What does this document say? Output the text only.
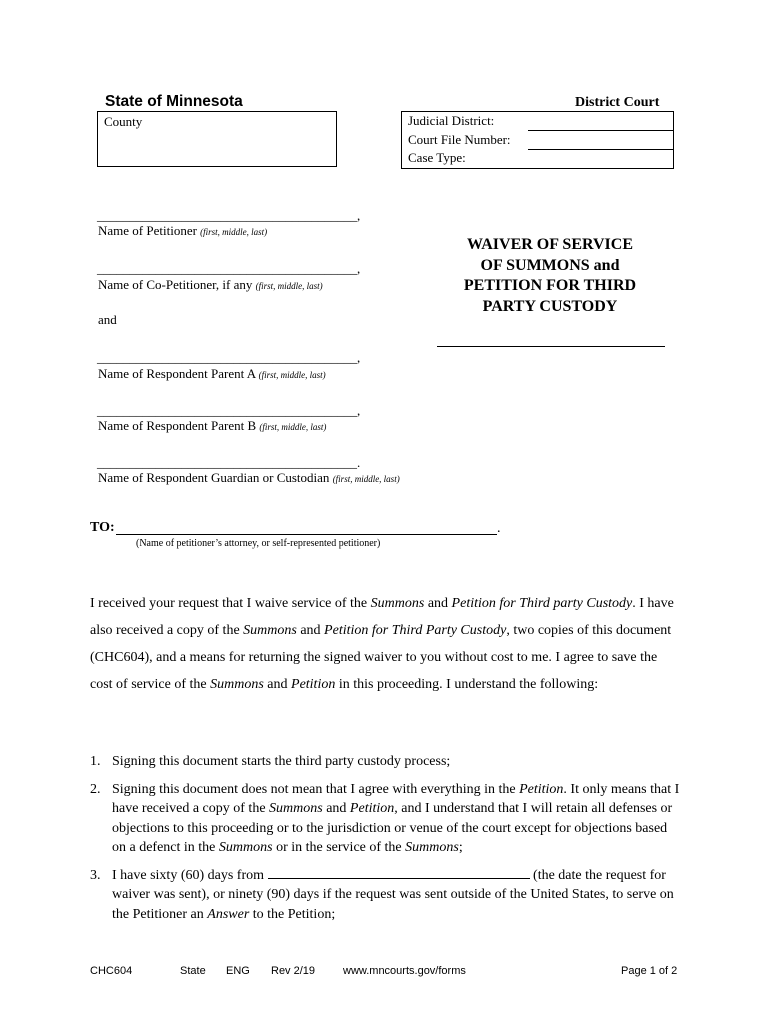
State of Minnesota	District Court
County	Judicial District:
Court File Number:
Case Type:
________________________________________,
Name of Petitioner (first, middle, last)
________________________________________,
Name of Co-Petitioner, if any (first, middle, last)
and
________________________________________,
Name of Respondent Parent A (first, middle, last)
________________________________________,
Name of Respondent Parent B (first, middle, last)
________________________________________.
Name of Respondent Guardian or Custodian (first, middle, last)
WAIVER OF SERVICE
OF SUMMONS and
PETITION FOR THIRD
PARTY CUSTODY
TO:	.
(Name of petitioner’s attorney, or self-represented petitioner)
I received your request that I waive service of the Summons and Petition for Third party Custody. I have also received a copy of the Summons and Petition for Third Party Custody, two copies of this document (CHC604), and a means for returning the signed waiver to you without cost to me. I agree to save the cost of service of the Summons and Petition in this proceeding. I understand the following:
1. Signing this document starts the third party custody process;
2. Signing this document does not mean that I agree with everything in the Petition. It only means that I have received a copy of the Summons and Petition, and I understand that I will retain all defenses or objections to this proceeding or to the jurisdiction or venue of the court except for objections based on a defenct in the Summons or in the service of the Summons;
3. I have sixty (60) days from	(the date the request for waiver was sent), or ninety (90) days if the request was sent outside of the United States, to serve on the Petitioner an Answer to the Petition;
CHC604	State ENG Rev 2/19	www.mncourts.gov/forms	Page 1 of 2
